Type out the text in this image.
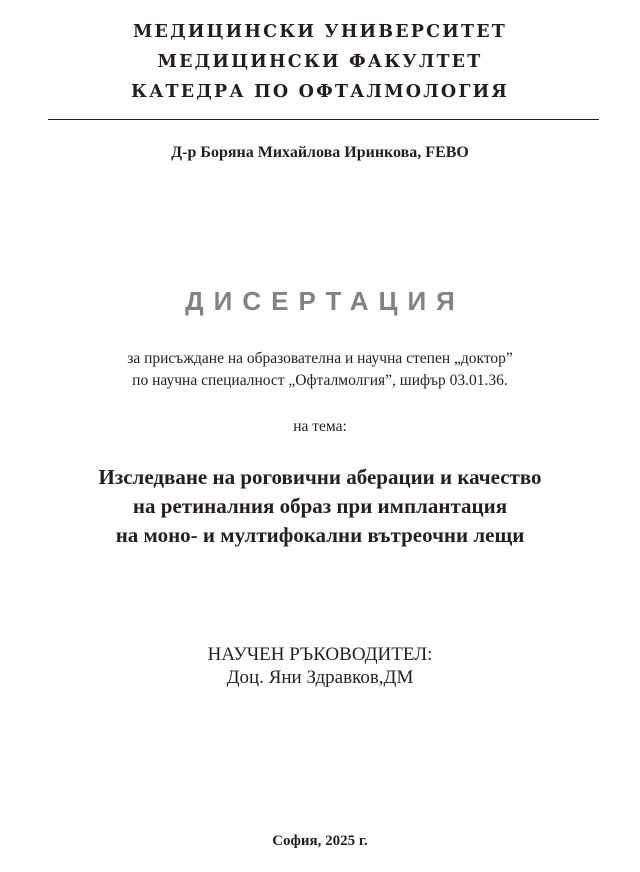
МЕДИЦИНСКИ УНИВЕРСИТЕТ
МЕДИЦИНСКИ ФАКУЛТЕТ
КАТЕДРА ПО ОФТАЛМОЛОГИЯ
Д-р Боряна Михайлова Иринкова, FEBO
ДИСЕРТАЦИЯ
за присъждане на образователна и научна степен „доктор”
по научна специалност „Офталмолгия”, шифър 03.01.36.
на тема:
Изследване на роговични аберации и качество
на ретиналния образ при имплантация
на моно- и мултифокални вътреочни лещи
НАУЧЕН РЪКОВОДИТЕЛ:
Доц. Яни Здравков,ДМ
София, 2025 г.
